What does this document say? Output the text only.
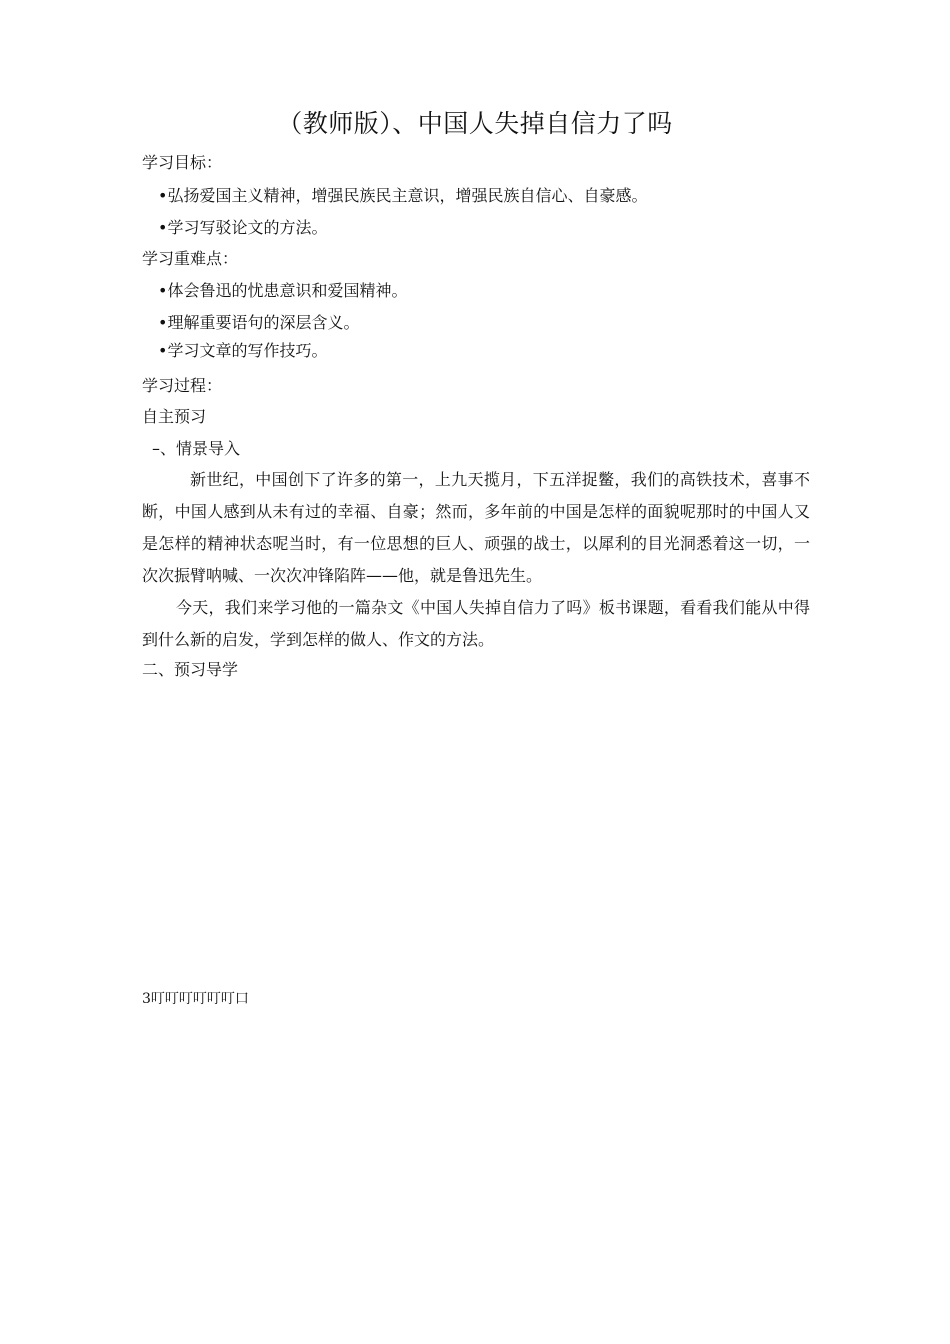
（教师版）、中国人失掉自信力了吗
学习目标：
•弘扬爱国主义精神，增强民族民主意识，增强民族自信心、自豪感。
•学习写驳论文的方法。
学习重难点：
•体会鲁迅的忧患意识和爱国精神。
•理解重要语句的深层含义。
•学习文章的写作技巧。
学习过程：
自主预习
–、情景导入
新世纪，中国创下了许多的第一，上九天揽月，下五洋捉鳖，我们的高铁技术，喜事不断，中国人感到从未有过的幸福、自豪；然而，多年前的中国是怎样的面貌呢那时的中国人又是怎样的精神状态呢当时，有一位思想的巨人、顽强的战士，以犀利的目光洞悉着这一切，一次次振臂呐喊、一次次冲锋陷阵——他，就是鲁迅先生。
今天，我们来学习他的一篇杂文《中国人失掉自信力了吗》板书课题，看看我们能从中得到什么新的启发，学到怎样的做人、作文的方法。
二、预习导学
3叮叮叮叮叮叮口
